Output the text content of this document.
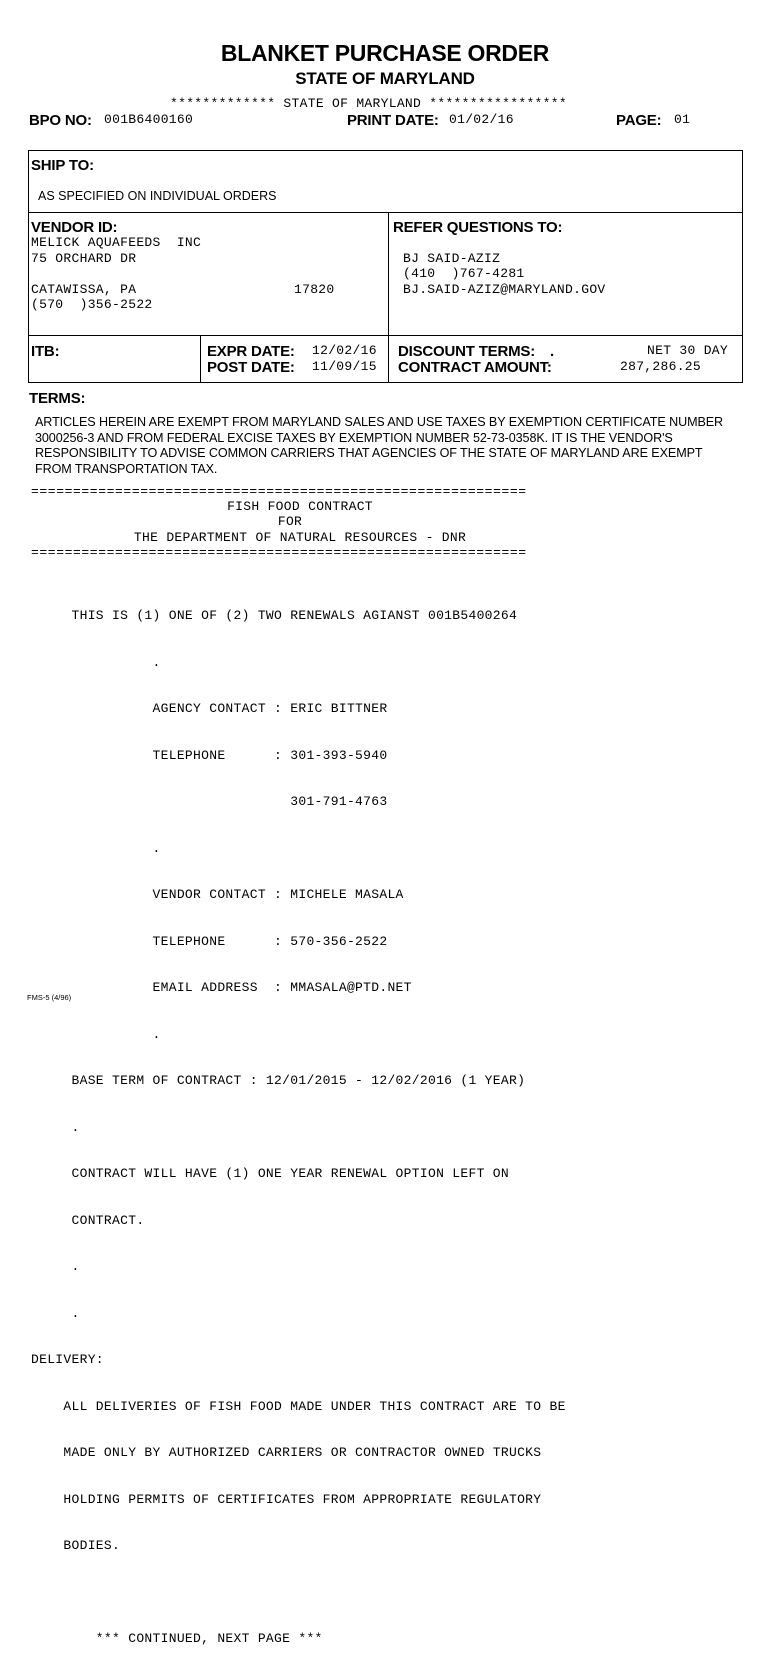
BLANKET PURCHASE ORDER
STATE OF MARYLAND
************* STATE OF MARYLAND *****************
BPO NO: 001B6400160	PRINT DATE: 01/02/16	PAGE: 01
SHIP TO:
AS SPECIFIED ON INDIVIDUAL ORDERS
VENDOR ID:
MELICK AQUAFEEDS  INC
75 ORCHARD DR
CATAWISSA, PA	17820
(570  )356-2522
REFER QUESTIONS TO:
BJ SAID-AZIZ
(410  )767-4281
BJ.SAID-AZIZ@MARYLAND.GOV
ITB:	EXPR DATE: 12/02/16
POST DATE: 11/09/15
DISCOUNT TERMS: .	NET 30 DAY
CONTRACT AMOUNT:	287,286.25
TERMS:
ARTICLES HEREIN ARE EXEMPT FROM MARYLAND SALES AND USE TAXES BY EXEMPTION CERTIFICATE NUMBER 3000256-3 AND FROM FEDERAL EXCISE TAXES BY EXEMPTION NUMBER 52-73-0358K. IT IS THE VENDOR'S RESPONSIBILITY TO ADVISE COMMON CARRIERS THAT AGENCIES OF THE STATE OF MARYLAND ARE EXEMPT FROM TRANSPORTATION TAX.
===========================================================
FISH FOOD CONTRACT
FOR
THE DEPARTMENT OF NATURAL RESOURCES - DNR
===========================================================

THIS IS (1) ONE OF (2) TWO RENEWALS AGIANST 001B5400264

.

AGENCY CONTACT : ERIC BITTNER

TELEPHONE      : 301-393-5940

301-791-4763

.

VENDOR CONTACT : MICHELE MASALA

TELEPHONE      : 570-356-2522

EMAIL ADDRESS  : MMASALA@PTD.NET

.

BASE TERM OF CONTRACT : 12/01/2015 - 12/02/2016 (1 YEAR)

.

CONTRACT WILL HAVE (1) ONE YEAR RENEWAL OPTION LEFT ON

CONTRACT.

.

.

DELIVERY:

ALL DELIVERIES OF FISH FOOD MADE UNDER THIS CONTRACT ARE TO BE

MADE ONLY BY AUTHORIZED CARRIERS OR CONTRACTOR OWNED TRUCKS

HOLDING PERMITS OF CERTIFICATES FROM APPROPRIATE REGULATORY

BODIES.

*** CONTINUED, NEXT PAGE ***

FMS-5 (4/96)
